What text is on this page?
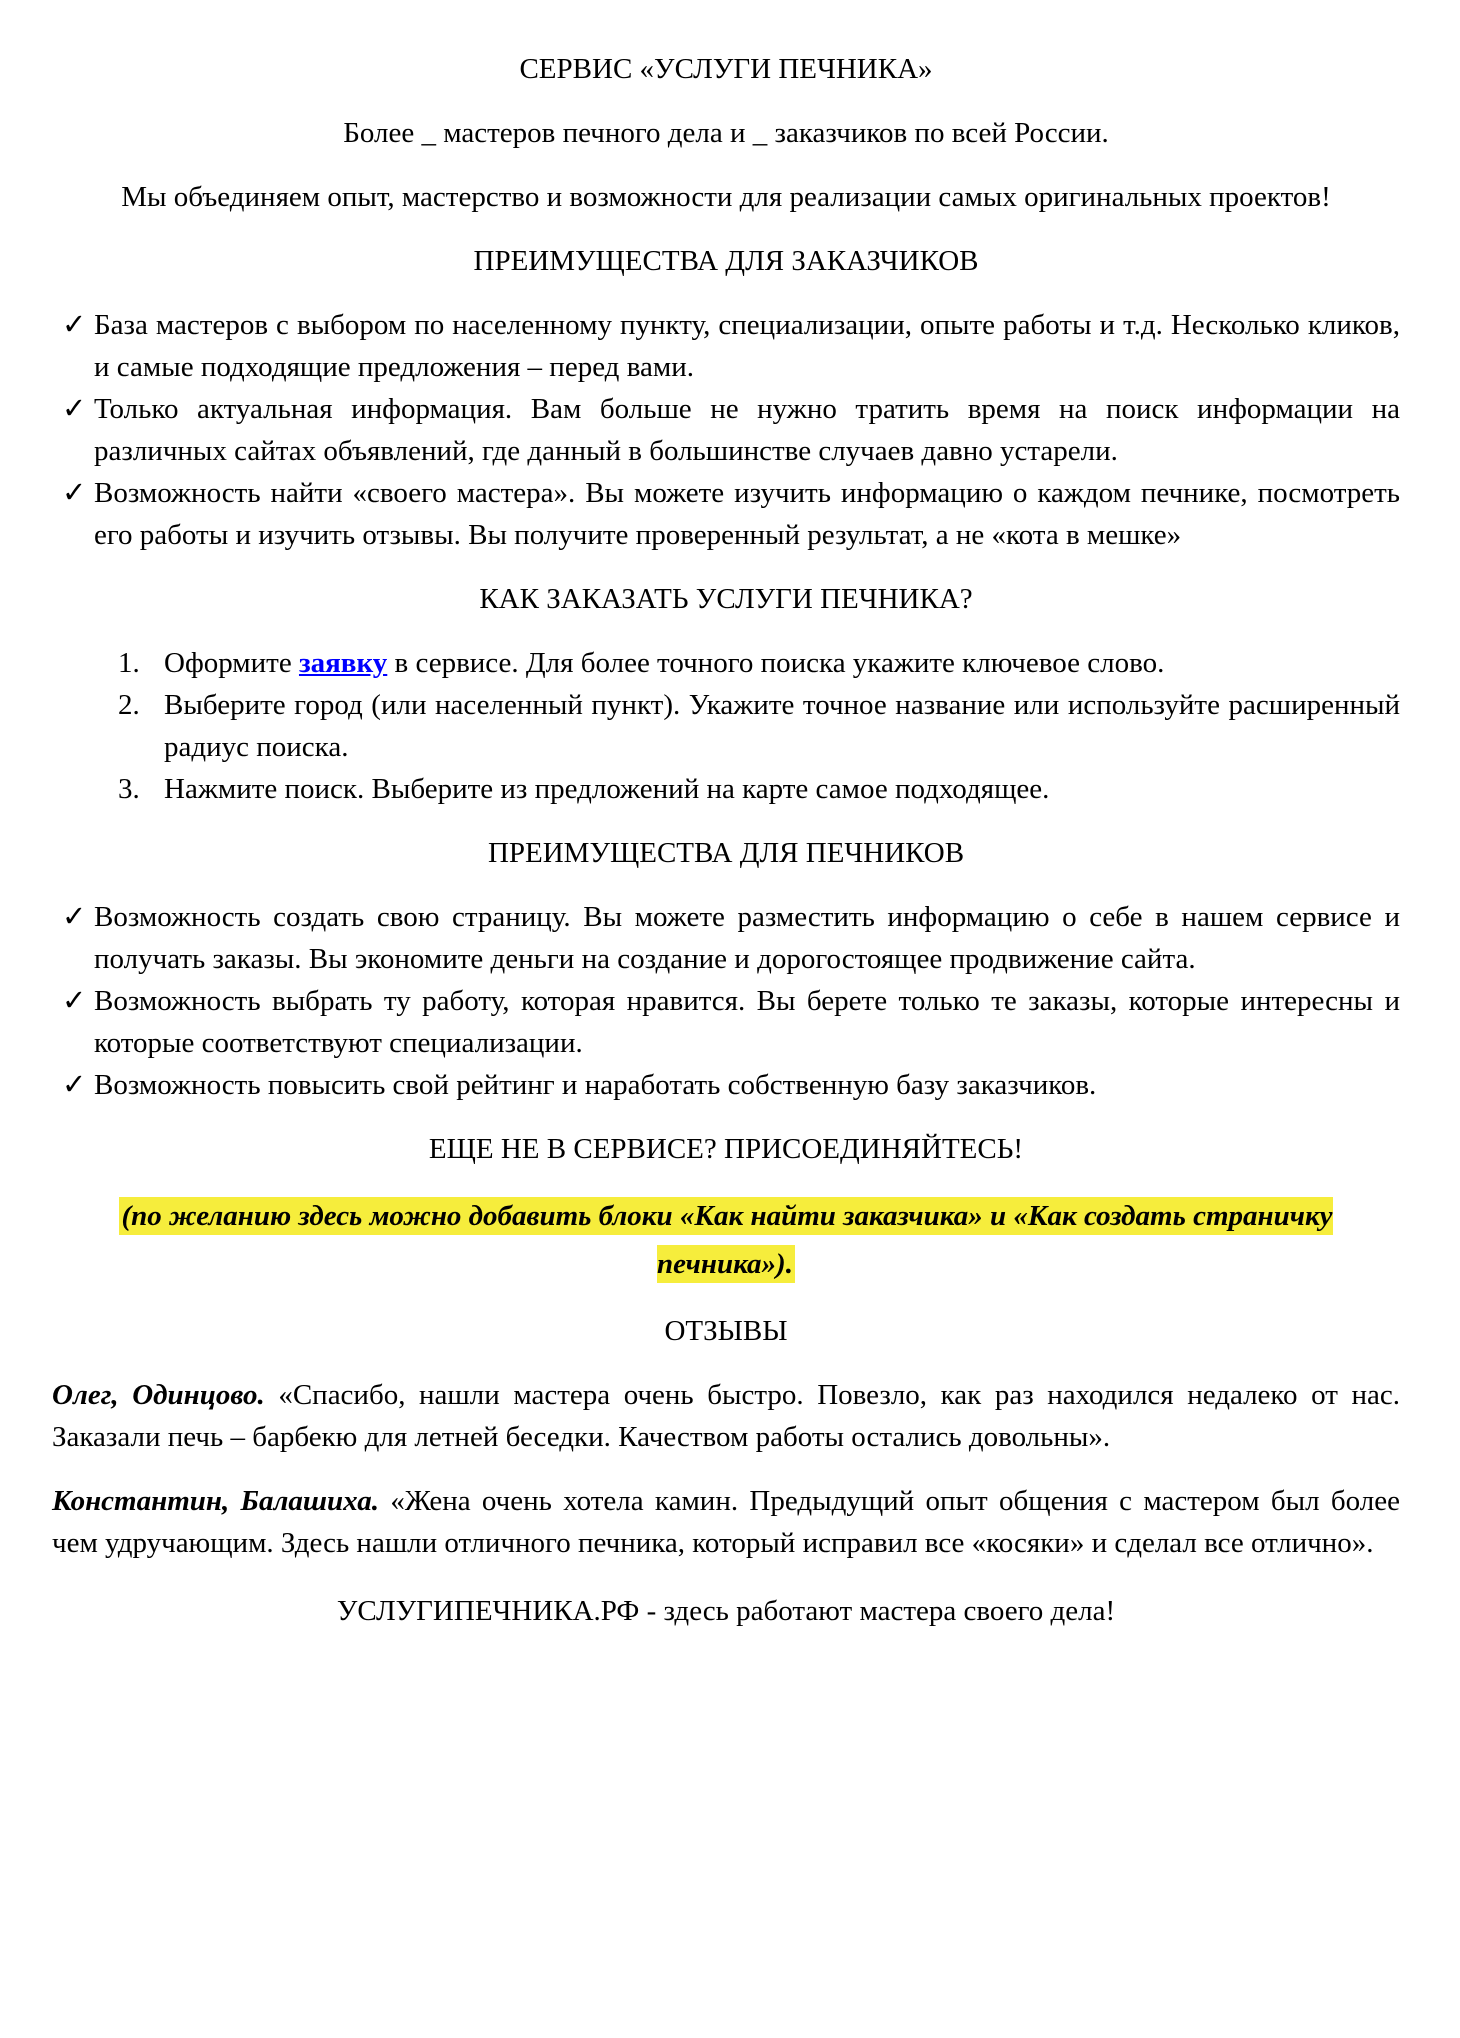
СЕРВИС «УСЛУГИ ПЕЧНИКА»

Более _ мастеров печного дела и _ заказчиков по всей России.

Мы объединяем опыт, мастерство и возможности для реализации самых оригинальных проектов!

ПРЕИМУЩЕСТВА ДЛЯ ЗАКАЗЧИКОВ
✓ База мастеров с выбором по населенному пункту, специализации, опыте работы и т.д. Несколько кликов, и самые подходящие предложения – перед вами.
✓ Только актуальная информация. Вам больше не нужно тратить время на поиск информации на различных сайтах объявлений, где данный в большинстве случаев давно устарели.
✓ Возможность найти «своего мастера». Вы можете изучить информацию о каждом печнике, посмотреть его работы и изучить отзывы. Вы получите проверенный результат, а не «кота в мешке»
КАК ЗАКАЗАТЬ УСЛУГИ ПЕЧНИКА?
1. Оформите заявку в сервисе. Для более точного поиска укажите ключевое слово.
2. Выберите город (или населенный пункт). Укажите точное название или используйте расширенный радиус поиска.
3. Нажмите поиск. Выберите из предложений на карте самое подходящее.
ПРЕИМУЩЕСТВА ДЛЯ ПЕЧНИКОВ
✓ Возможность создать свою страницу. Вы можете разместить информацию о себе в нашем сервисе и получать заказы. Вы экономите деньги на создание и дорогостоящее продвижение сайта.
✓ Возможность выбрать ту работу, которая нравится. Вы берете только те заказы, которые интересны и которые соответствуют специализации.
✓ Возможность повысить свой рейтинг и наработать собственную базу заказчиков.
ЕЩЕ НЕ В СЕРВИСЕ? ПРИСОЕДИНЯЙТЕСЬ!

(по желанию здесь можно добавить блоки «Как найти заказчика» и «Как создать страничку печника»).

ОТЗЫВЫ

Олег, Одинцово. «Спасибо, нашли мастера очень быстро. Повезло, как раз находился недалеко от нас. Заказали печь – барбекю для летней беседки. Качеством работы остались довольны».

Константин, Балашиха. «Жена очень хотела камин. Предыдущий опыт общения с мастером был более чем удручающим. Здесь нашли отличного печника, который исправил все «косяки» и сделал все отлично».

УСЛУГИПЕЧНИКА.РФ - здесь работают мастера своего дела!
